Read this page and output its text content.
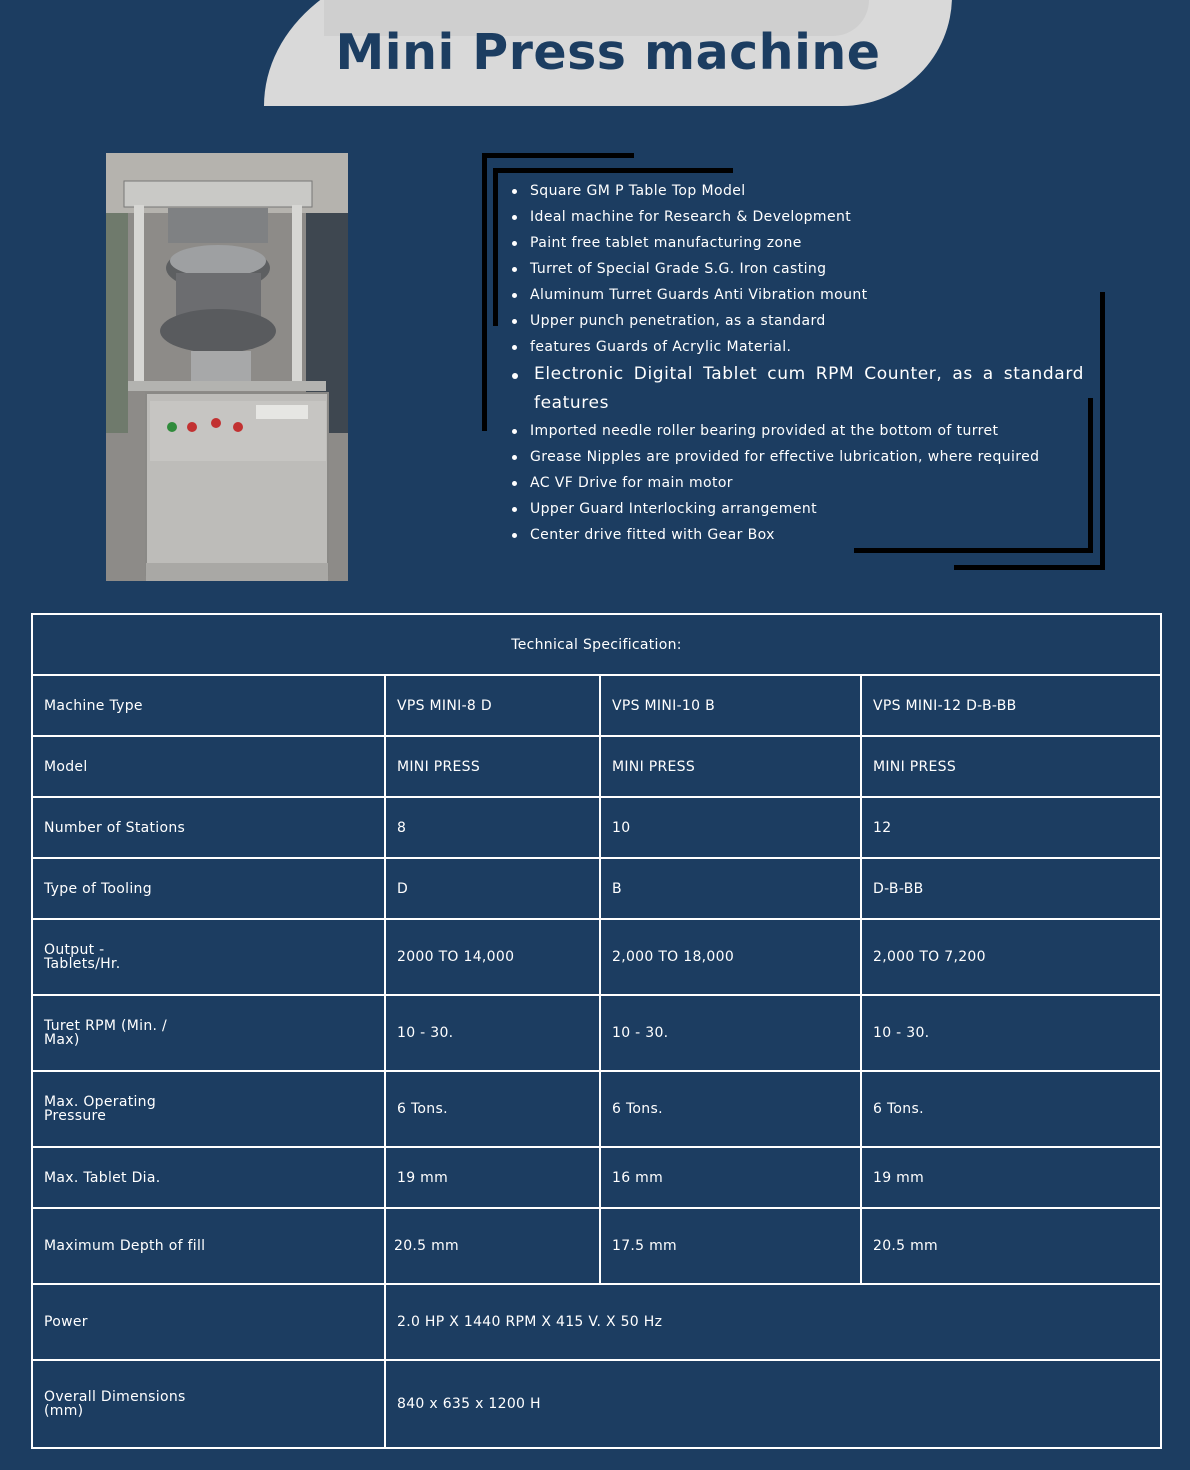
Mini Press machine
Square GM P Table Top Model
Ideal machine for Research & Development
Paint free tablet manufacturing zone
Turret of Special Grade S.G. Iron casting
Aluminum Turret Guards Anti Vibration mount
Upper punch penetration, as a standard
features Guards of Acrylic Material.
Electronic Digital Tablet cum RPM Counter, as a standard features
Imported needle roller bearing provided at the bottom of turret
Grease Nipples are provided for effective lubrication, where required
AC VF Drive for main motor
Upper Guard Interlocking arrangement
Center drive fitted with Gear Box
Technical Specification:			
Machine Type	VPS MINI-8 D	VPS MINI-10 B	VPS MINI-12 D-B-BB
Model	MINI PRESS	MINI PRESS	MINI PRESS
Number of Stations	8	10	12
Type of Tooling	D	B	D-B-BB
Output - Tablets/Hr.	2000 TO 14,000	2,000 TO 18,000	2,000 TO 7,200
Turet RPM (Min. / Max)	10 - 30.	10 - 30.	10 - 30.
Max. Operating Pressure	6 Tons.	6 Tons.	6 Tons.
Max. Tablet Dia.	19 mm	16 mm	19 mm
Maximum Depth of fill	20.5 mm	17.5 mm	20.5 mm
Power	2.0 HP X 1440 RPM X 415 V. X 50 Hz		
Overall Dimensions (mm)	840 x 635 x 1200 H		
